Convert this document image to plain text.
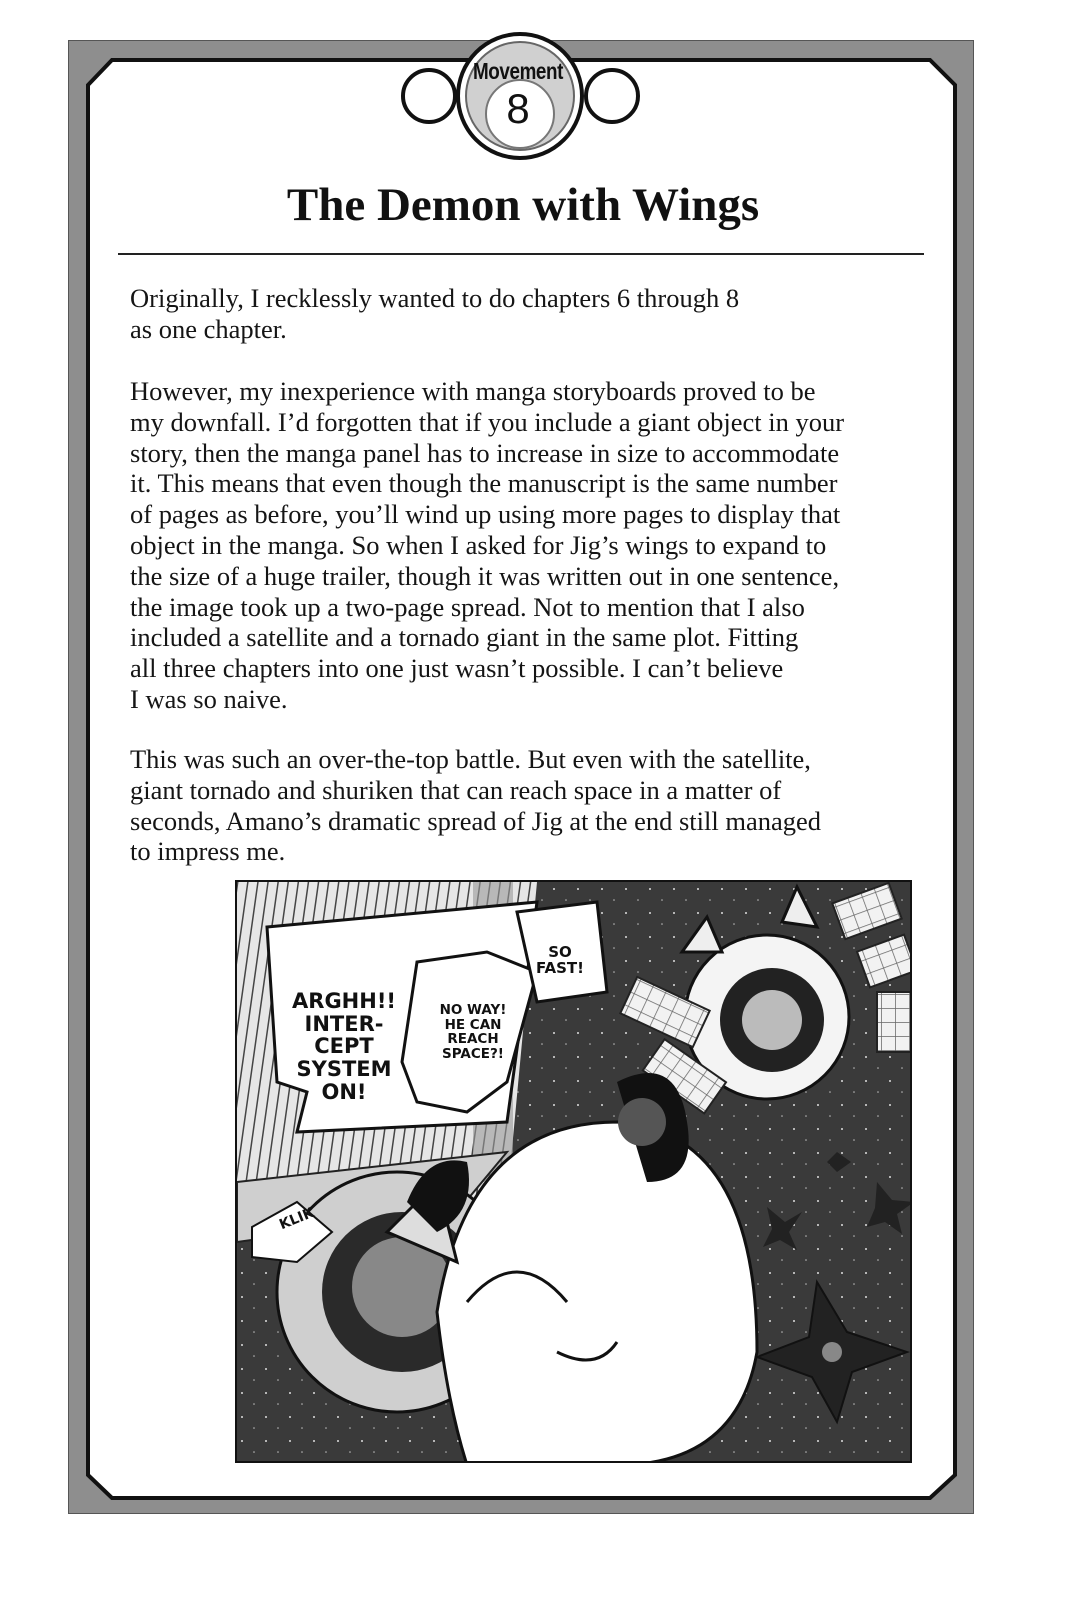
Movement
8
The Demon with Wings

Originally, I recklessly wanted to do chapters 6 through 8
as one chapter.

However, my inexperience with manga storyboards proved to be
my downfall. I’d forgotten that if you include a giant object in your
story, then the manga panel has to increase in size to accommodate
it. This means that even though the manuscript is the same number
of pages as before, you’ll wind up using more pages to display that
object in the manga. So when I asked for Jig’s wings to expand to
the size of a huge trailer, though it was written out in one sentence,
the image took up a two-page spread. Not to mention that I also
included a satellite and a tornado giant in the same plot. Fitting
all three chapters into one just wasn’t possible. I can’t believe
I was so naive.

This was such an over-the-top battle. But even with the satellite,
giant tornado and shuriken that can reach space in a matter of
seconds, Amano’s dramatic spread of Jig at the end still managed
to impress me.

ARGHH!!
INTER-
CEPT
SYSTEM
ON!
NO WAY!
HE CAN
REACH
SPACE?!
SO
FAST!
KLIK
